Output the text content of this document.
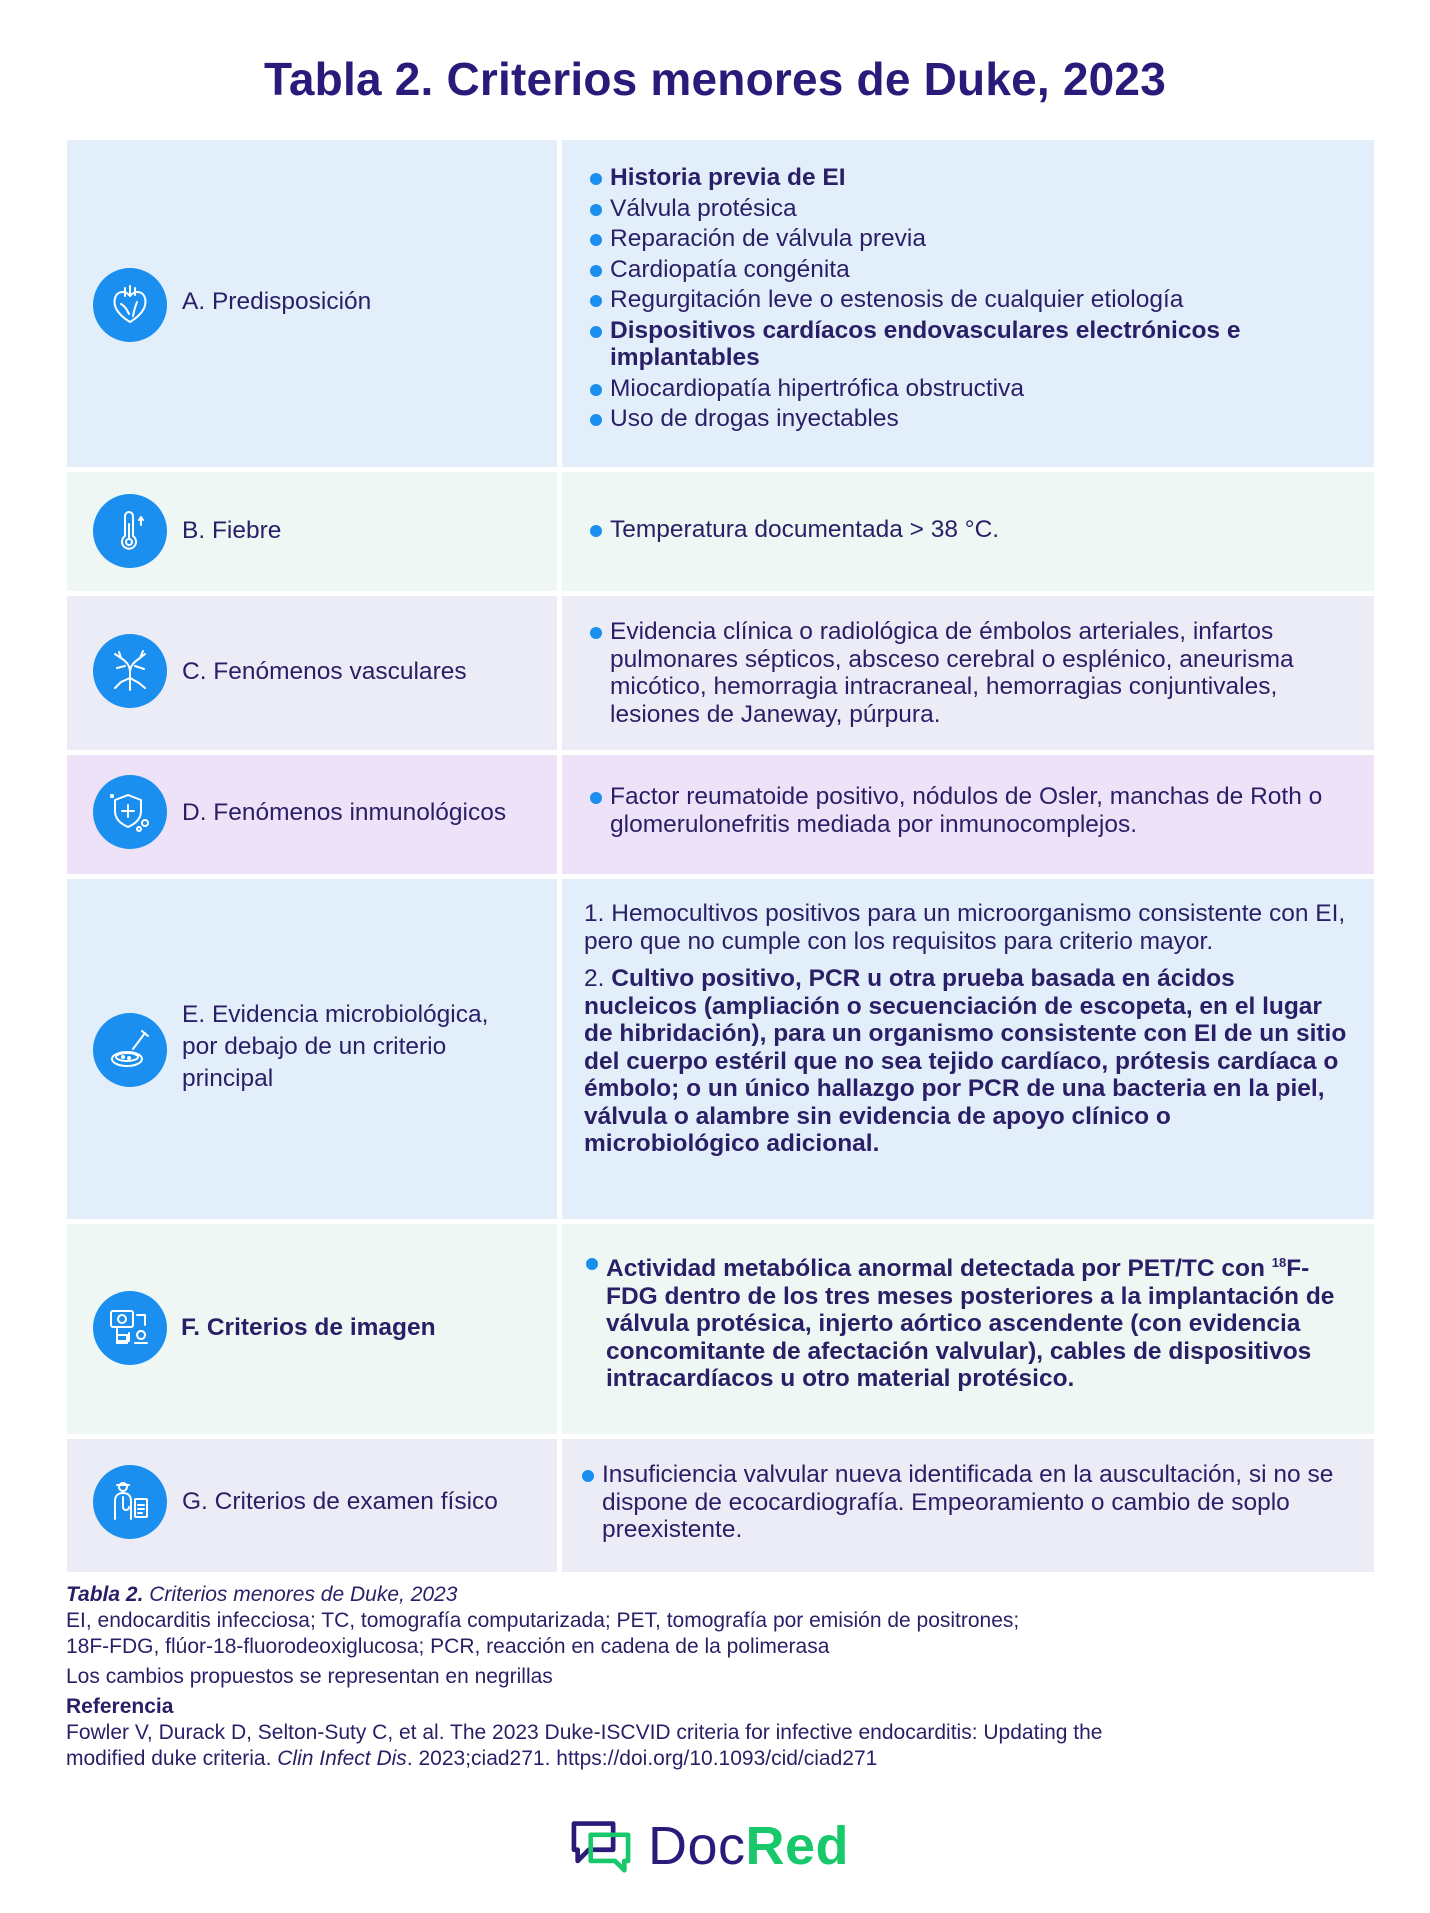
Tabla 2. Criterios menores de Duke, 2023
A. Predisposición
Historia previa de EI
Válvula protésica
Reparación de válvula previa
Cardiopatía congénita
Regurgitación leve o estenosis de cualquier etiología
Dispositivos cardíacos endovasculares electrónicos e implantables
Miocardiopatía hipertrófica obstructiva
Uso de drogas inyectables
B. Fiebre	Temperatura documentada > 38 °C.
C. Fenómenos vasculares
Evidencia clínica o radiológica de émbolos arteriales, infartos pulmonares sépticos, absceso cerebral o esplénico, aneurisma micótico, hemorragia intracraneal, hemorragias conjuntivales, lesiones de Janeway, púrpura.
D. Fenómenos inmunológicos
Factor reumatoide positivo, nódulos de Osler, manchas de Roth o glomerulonefritis mediada por inmunocomplejos.
E. Evidencia microbiológica, por debajo de un criterio principal
1. Hemocultivos positivos para un microorganismo consistente con EI, pero que no cumple con los requisitos para criterio mayor.
2. Cultivo positivo, PCR u otra prueba basada en ácidos nucleicos (ampliación o secuenciación de escopeta, en el lugar de hibridación), para un organismo consistente con EI de un sitio del cuerpo estéril que no sea tejido cardíaco, prótesis cardíaca o émbolo; o un único hallazgo por PCR de una bacteria en la piel, válvula o alambre sin evidencia de apoyo clínico o microbiológico adicional.
F. Criterios de imagen
Actividad metabólica anormal detectada por PET/TC con $^{18}$F-FDG dentro de los tres meses posteriores a la implantación de válvula protésica, injerto aórtico ascendente (con evidencia concomitante de afectación valvular), cables de dispositivos intracardíacos u otro material protésico.
G. Criterios de examen físico
Insuficiencia valvular nueva identificada en la auscultación, si no se dispone de ecocardiografía. Empeoramiento o cambio de soplo preexistente.

Tabla 2. Criterios menores de Duke, 2023

EI, endocarditis infecciosa; TC, tomografía computarizada; PET, tomografía por emisión de positrones;

18F-FDG, flúor-18-fluorodeoxiglucosa; PCR, reacción en cadena de la polimerasa

Los cambios propuestos se representan en negrillas

Referencia

Fowler V, Durack D, Selton-Suty C, et al. The 2023 Duke-ISCVID criteria for infective endocarditis: Updating the

modified duke criteria. Clin Infect Dis. 2023;ciad271. https://doi.org/10.1093/cid/ciad271

DocRed
